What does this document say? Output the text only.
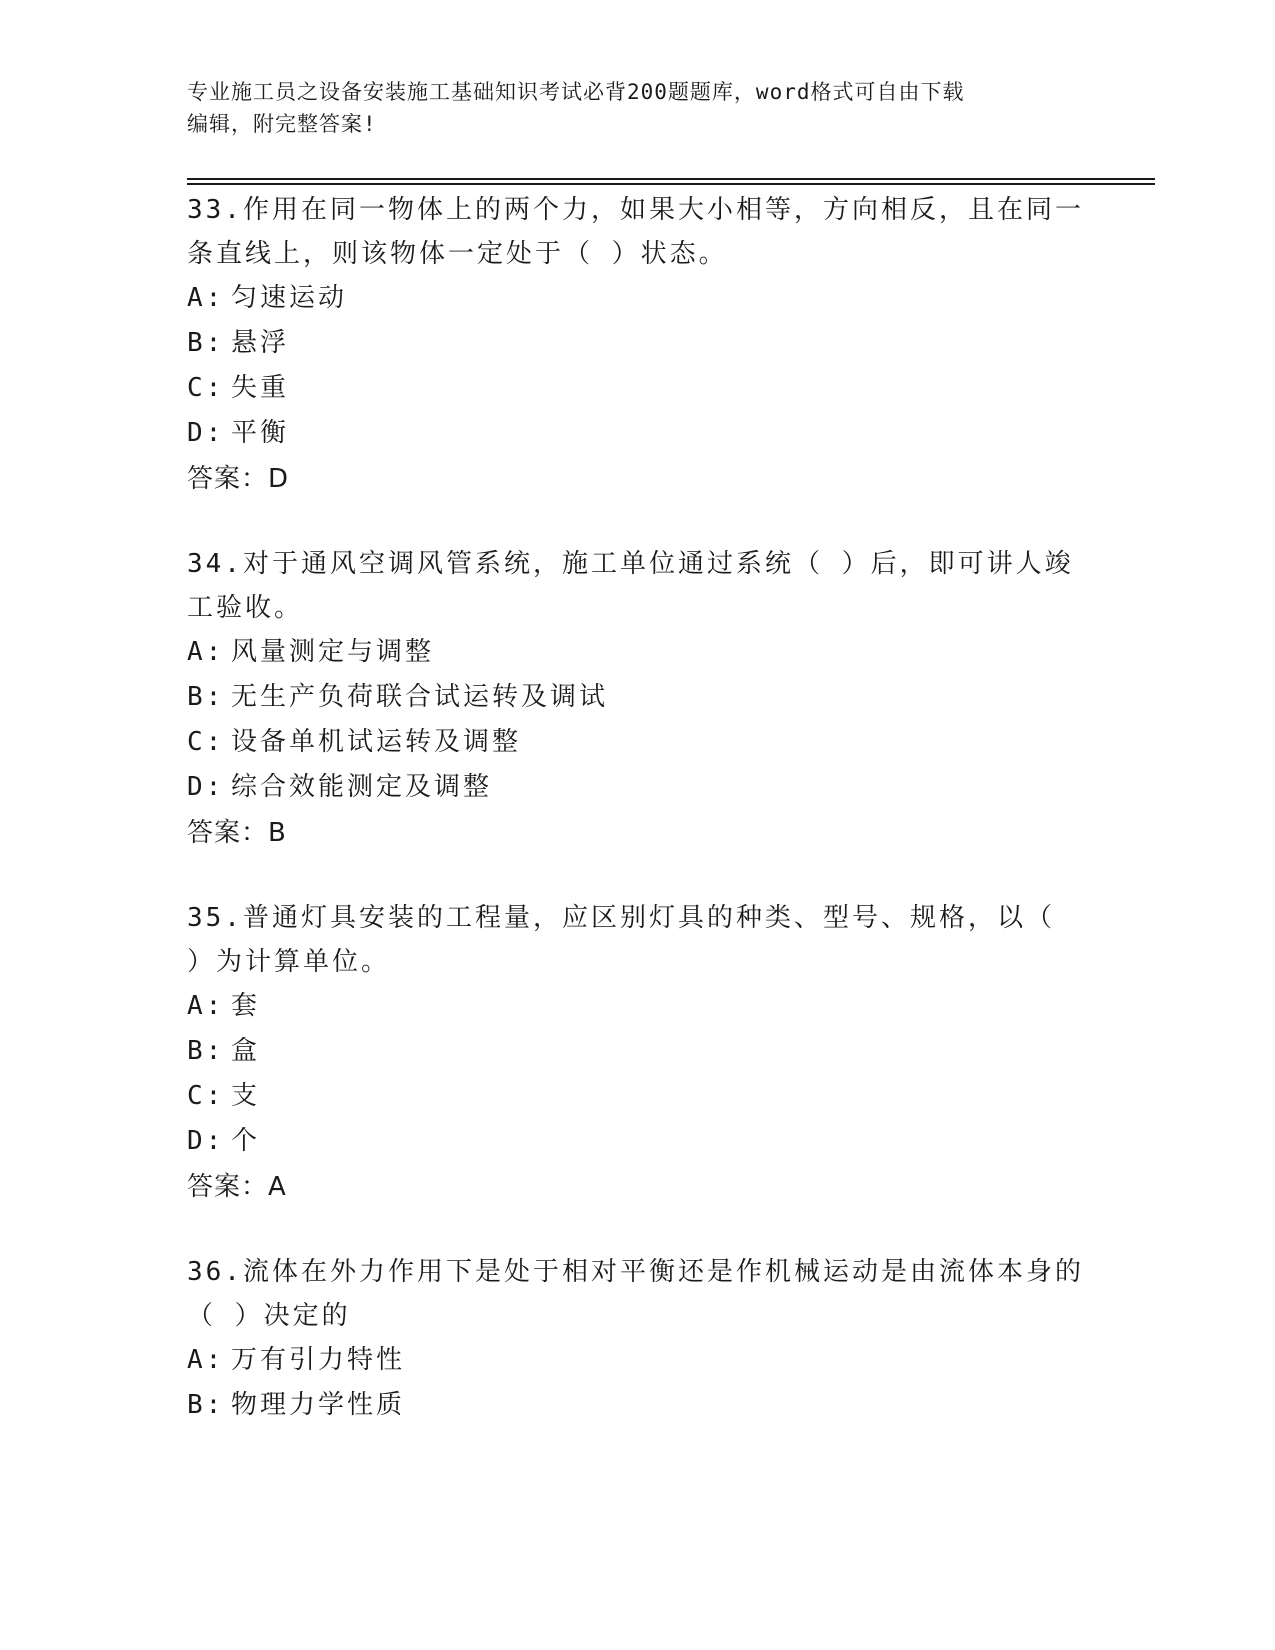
专业施工员之设备安装施工基础知识考试必背200题题库，word格式可自由下载
编辑，附完整答案!

33.作用在同一物体上的两个力，如果大小相等，方向相反，且在同一

条直线上，则该物体一定处于（ ）状态。

A: 匀速运动

B: 悬浮

C: 失重

D: 平衡

答案：D

34.对于通风空调风管系统，施工单位通过系统（ ）后，即可讲人竣

工验收。

A: 风量测定与调整

B: 无生产负荷联合试运转及调试

C: 设备单机试运转及调整

D: 综合效能测定及调整

答案：B

35.普通灯具安装的工程量，应区别灯具的种类、型号、规格，以（

）为计算单位。

A: 套

B: 盒

C: 支

D: 个

答案：A

36.流体在外力作用下是处于相对平衡还是作机械运动是由流体本身的

（ ）决定的

A: 万有引力特性

B: 物理力学性质
